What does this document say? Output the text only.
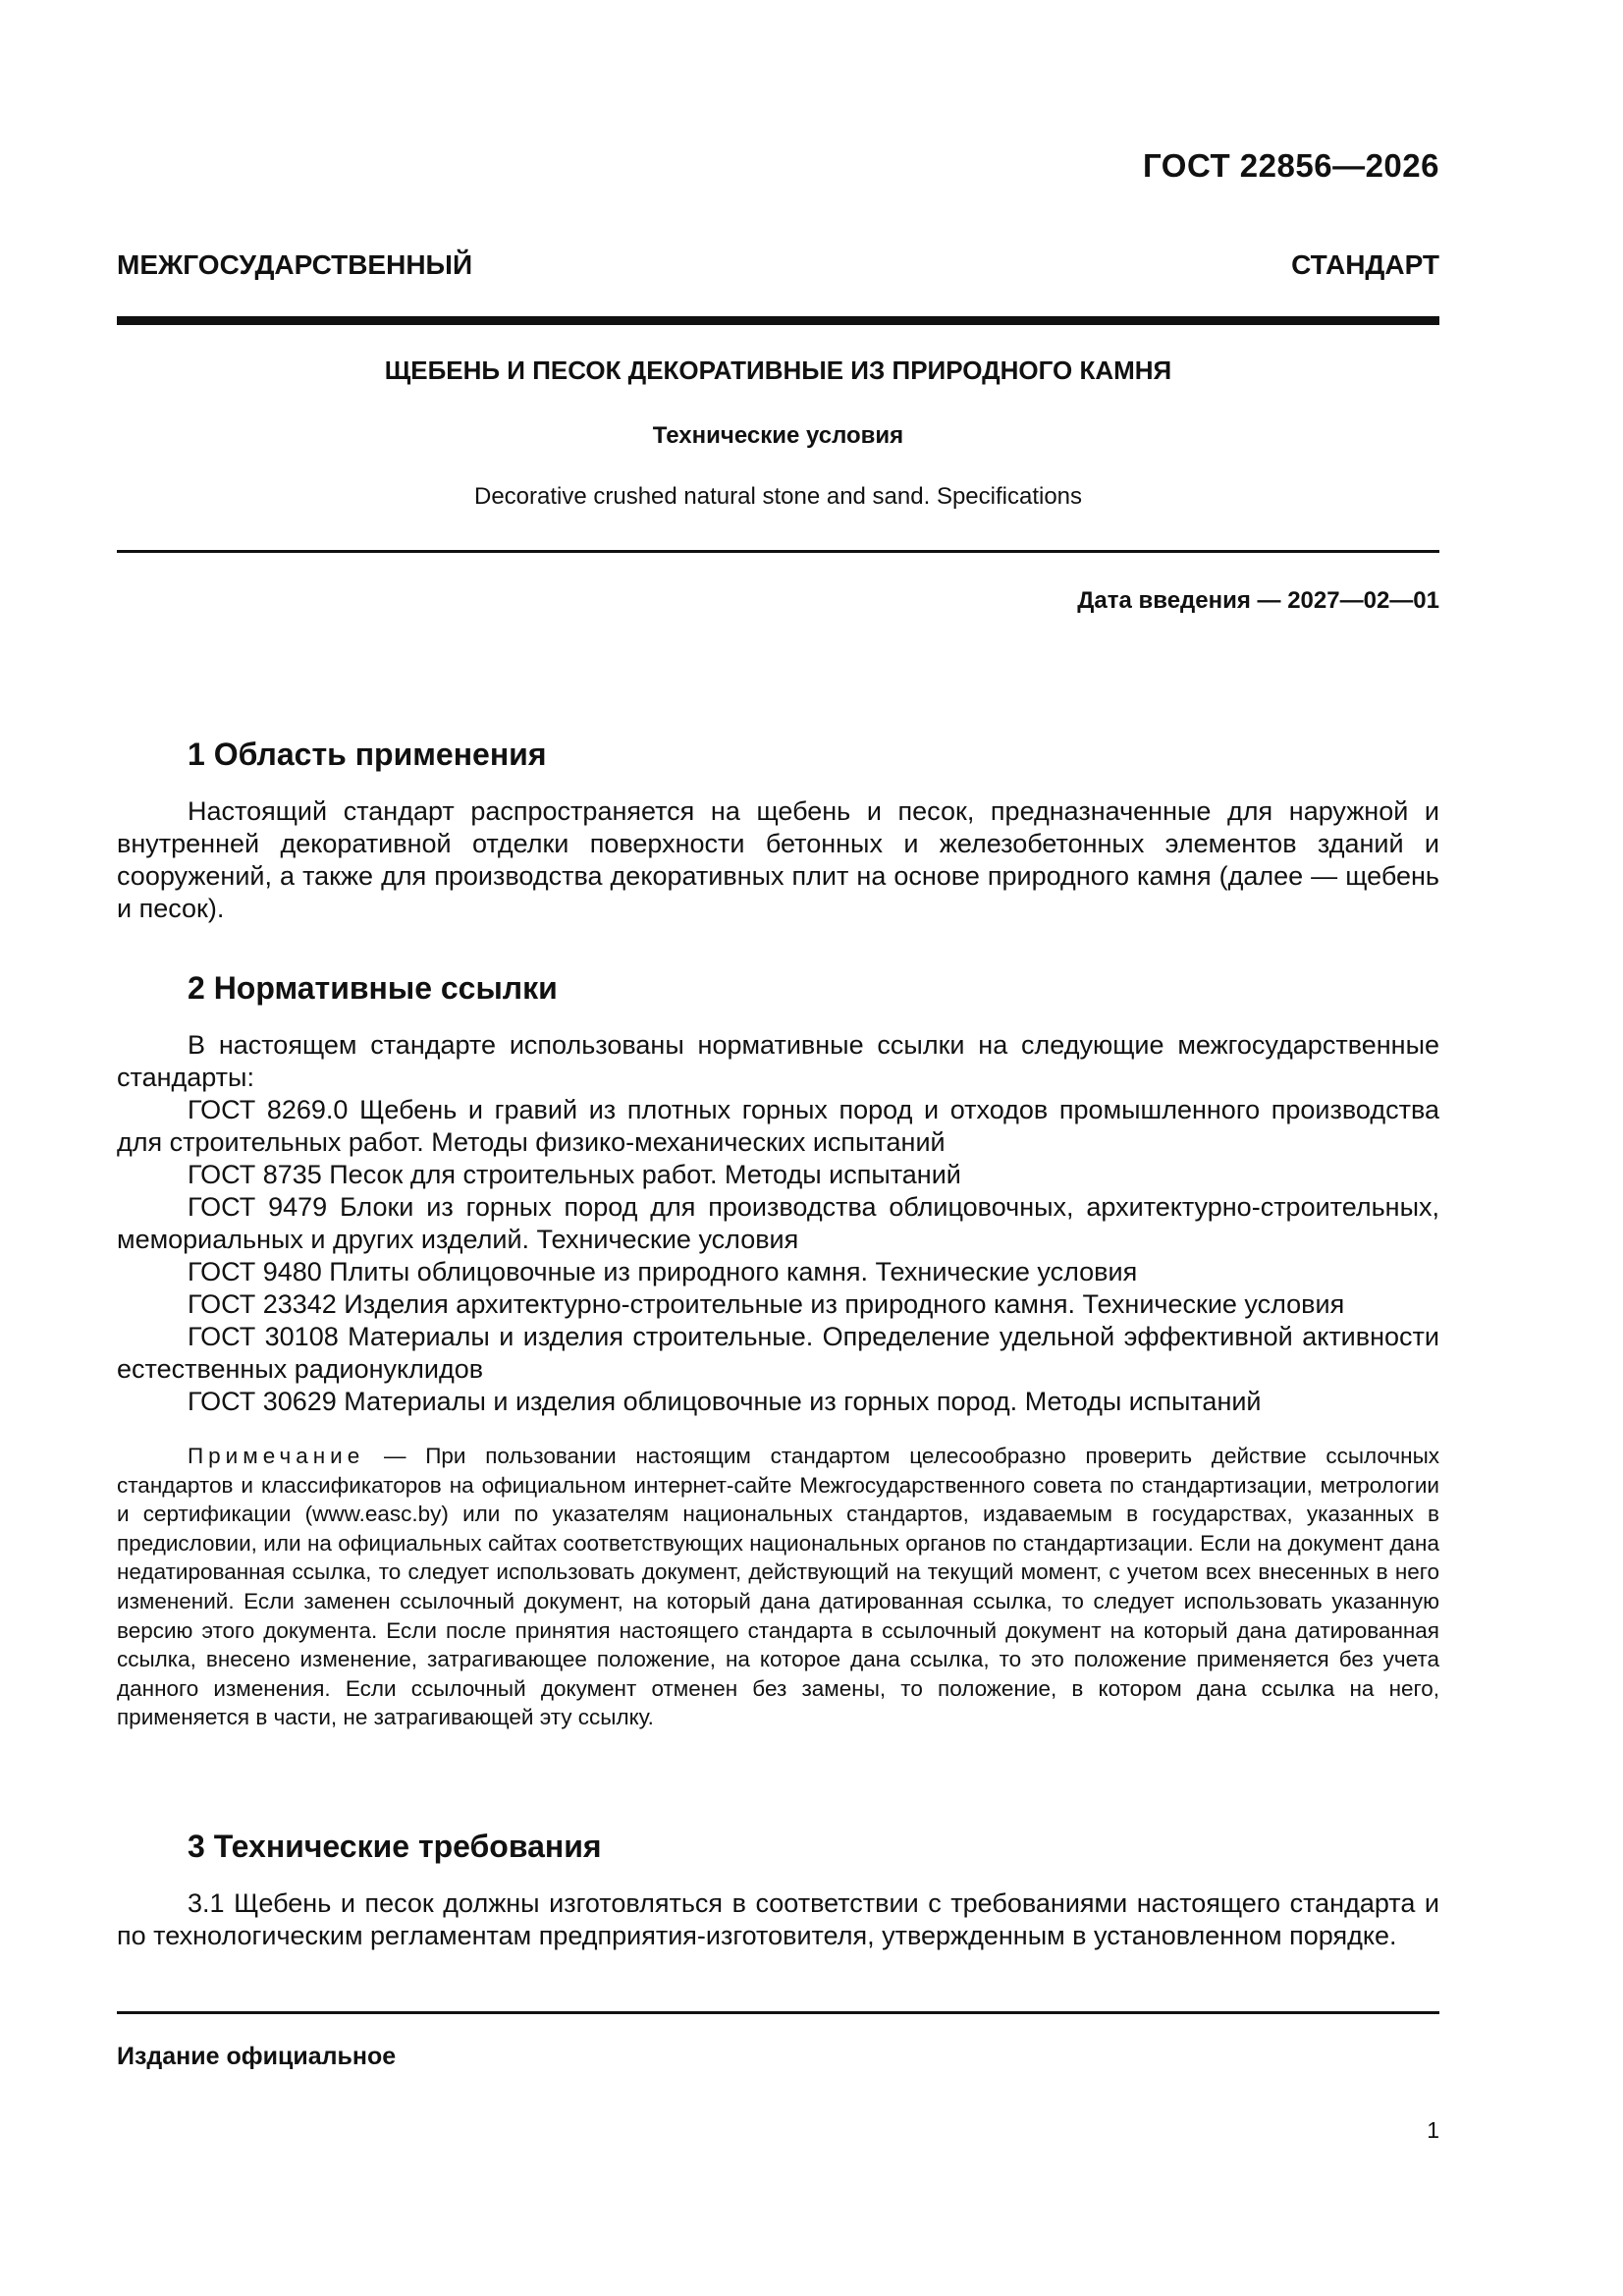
ГОСТ 22856—2026
МЕЖГОСУДАРСТВЕННЫЙ СТАНДАРТ
ЩЕБЕНЬ И ПЕСОК ДЕКОРАТИВНЫЕ ИЗ ПРИРОДНОГО КАМНЯ
Технические условия
Decorative crushed natural stone and sand. Specifications
Дата введения — 2027—02—01
1 Область применения

Настоящий стандарт распространяется на щебень и песок, предназначенные для наружной и внутренней декоративной отделки поверхности бетонных и железобетонных элементов зданий и сооружений, а также для производства декоративных плит на основе природного камня (далее — щебень и песок).

2 Нормативные ссылки

В настоящем стандарте использованы нормативные ссылки на следующие межгосударственные стандарты:

ГОСТ 8269.0 Щебень и гравий из плотных горных пород и отходов промышленного производства для строительных работ. Методы физико-механических испытаний

ГОСТ 8735 Песок для строительных работ. Методы испытаний

ГОСТ 9479 Блоки из горных пород для производства облицовочных, архитектурно-строительных, мемориальных и других изделий. Технические условия

ГОСТ 9480 Плиты облицовочные из природного камня. Технические условия

ГОСТ 23342 Изделия архитектурно-строительные из природного камня. Технические условия

ГОСТ 30108 Материалы и изделия строительные. Определение удельной эффективной активности естественных радионуклидов

ГОСТ 30629 Материалы и изделия облицовочные из горных пород. Методы испытаний

Примечание — При пользовании настоящим стандартом целесообразно проверить действие ссылочных стандартов и классификаторов на официальном интернет-сайте Межгосударственного совета по стандартизации, метрологии и сертификации (www.easc.by) или по указателям национальных стандартов, издаваемым в государствах, указанных в предисловии, или на официальных сайтах соответствующих национальных органов по стандартизации. Если на документ дана недатированная ссылка, то следует использовать документ, действующий на текущий момент, с учетом всех внесенных в него изменений. Если заменен ссылочный документ, на который дана датированная ссылка, то следует использовать указанную версию этого документа. Если после принятия настоящего стандарта в ссылочный документ на который дана датированная ссылка, внесено изменение, затрагивающее положение, на которое дана ссылка, то это положение применяется без учета данного изменения. Если ссылочный документ отменен без замены, то положение, в котором дана ссылка на него, применяется в части, не затрагивающей эту ссылку.
3 Технические требования

3.1 Щебень и песок должны изготовляться в соответствии с требованиями настоящего стандарта и по технологическим регламентам предприятия-изготовителя, утвержденным в установленном порядке.

Издание официальное
1
